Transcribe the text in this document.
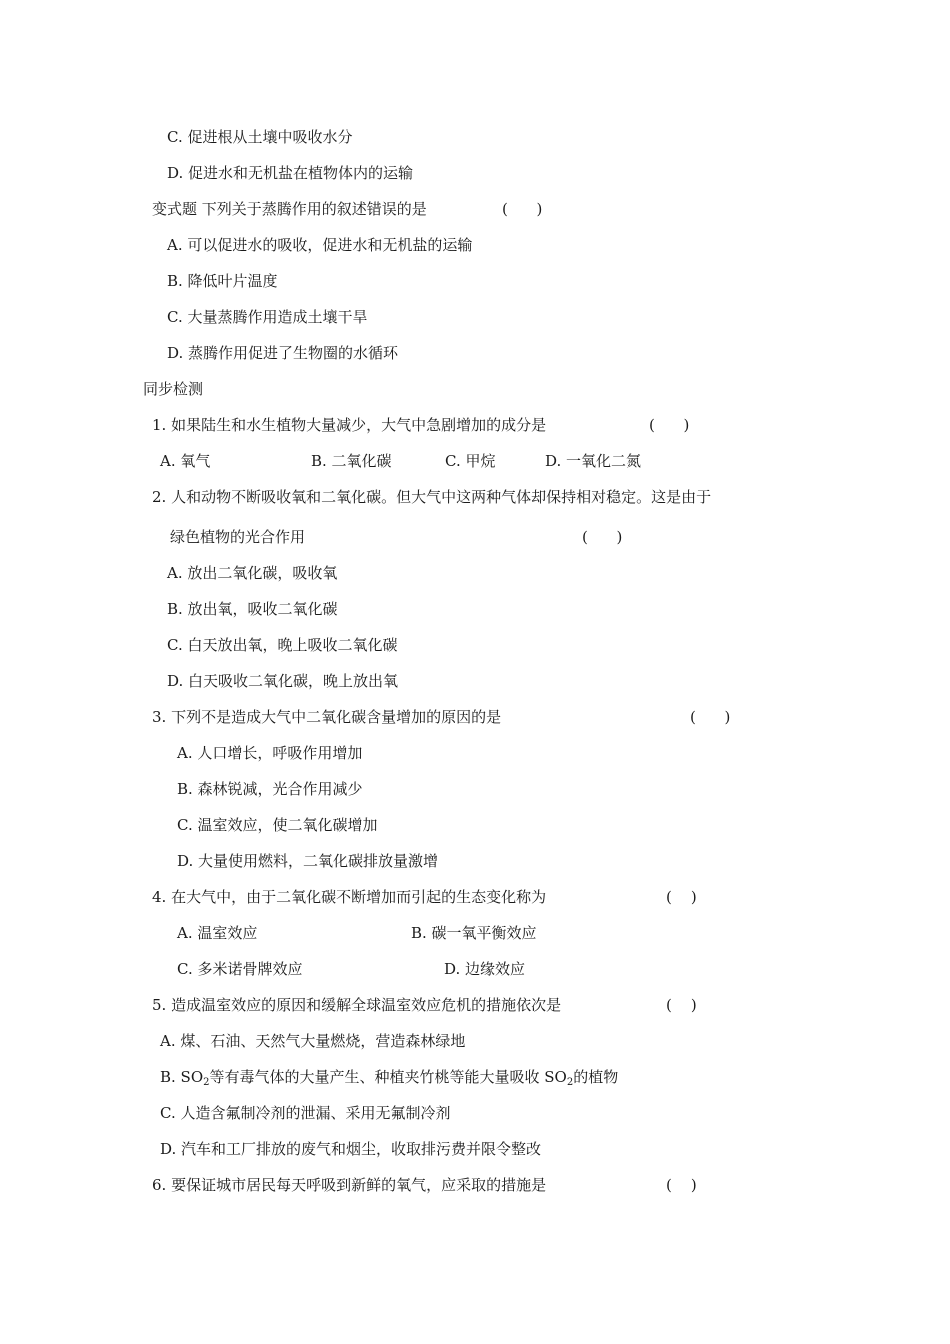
C. 促进根从土壤中吸收水分
D. 促进水和无机盐在植物体内的运输
变式题 下列关于蒸腾作用的叙述错误的是	(      )
A. 可以促进水的吸收，促进水和无机盐的运输
B. 降低叶片温度
C. 大量蒸腾作用造成土壤干旱
D. 蒸腾作用促进了生物圈的水循环
同步检测
1. 如果陆生和水生植物大量减少，大气中急剧增加的成分是	(      )
A. 氧气	B. 二氧化碳	C. 甲烷	D. 一氧化二氮
2. 人和动物不断吸收氧和二氧化碳。但大气中这两种气体却保持相对稳定。这是由于
绿色植物的光合作用	(      )
A. 放出二氧化碳，吸收氧
B. 放出氧，吸收二氧化碳
C. 白天放出氧，晚上吸收二氧化碳
D. 白天吸收二氧化碳，晚上放出氧
3. 下列不是造成大气中二氧化碳含量增加的原因的是	(      )
A. 人口增长，呼吸作用增加
B. 森林锐减，光合作用减少
C. 温室效应，使二氧化碳增加
D. 大量使用燃料，二氧化碳排放量激增
4. 在大气中，由于二氧化碳不断增加而引起的生态变化称为	(    )
A. 温室效应	B. 碳一氧平衡效应
C. 多米诺骨牌效应	D. 边缘效应
5. 造成温室效应的原因和缓解全球温室效应危机的措施依次是	(    )
A. 煤、石油、天然气大量燃烧，营造森林绿地
B. $SO_2$等有毒气体的大量产生、种植夹竹桃等能大量吸收 $SO_2$的植物
C. 人造含氟制冷剂的泄漏、采用无氟制冷剂
D. 汽车和工厂排放的废气和烟尘，收取排污费并限令整改
6. 要保证城市居民每天呼吸到新鲜的氧气，应采取的措施是	(    )
